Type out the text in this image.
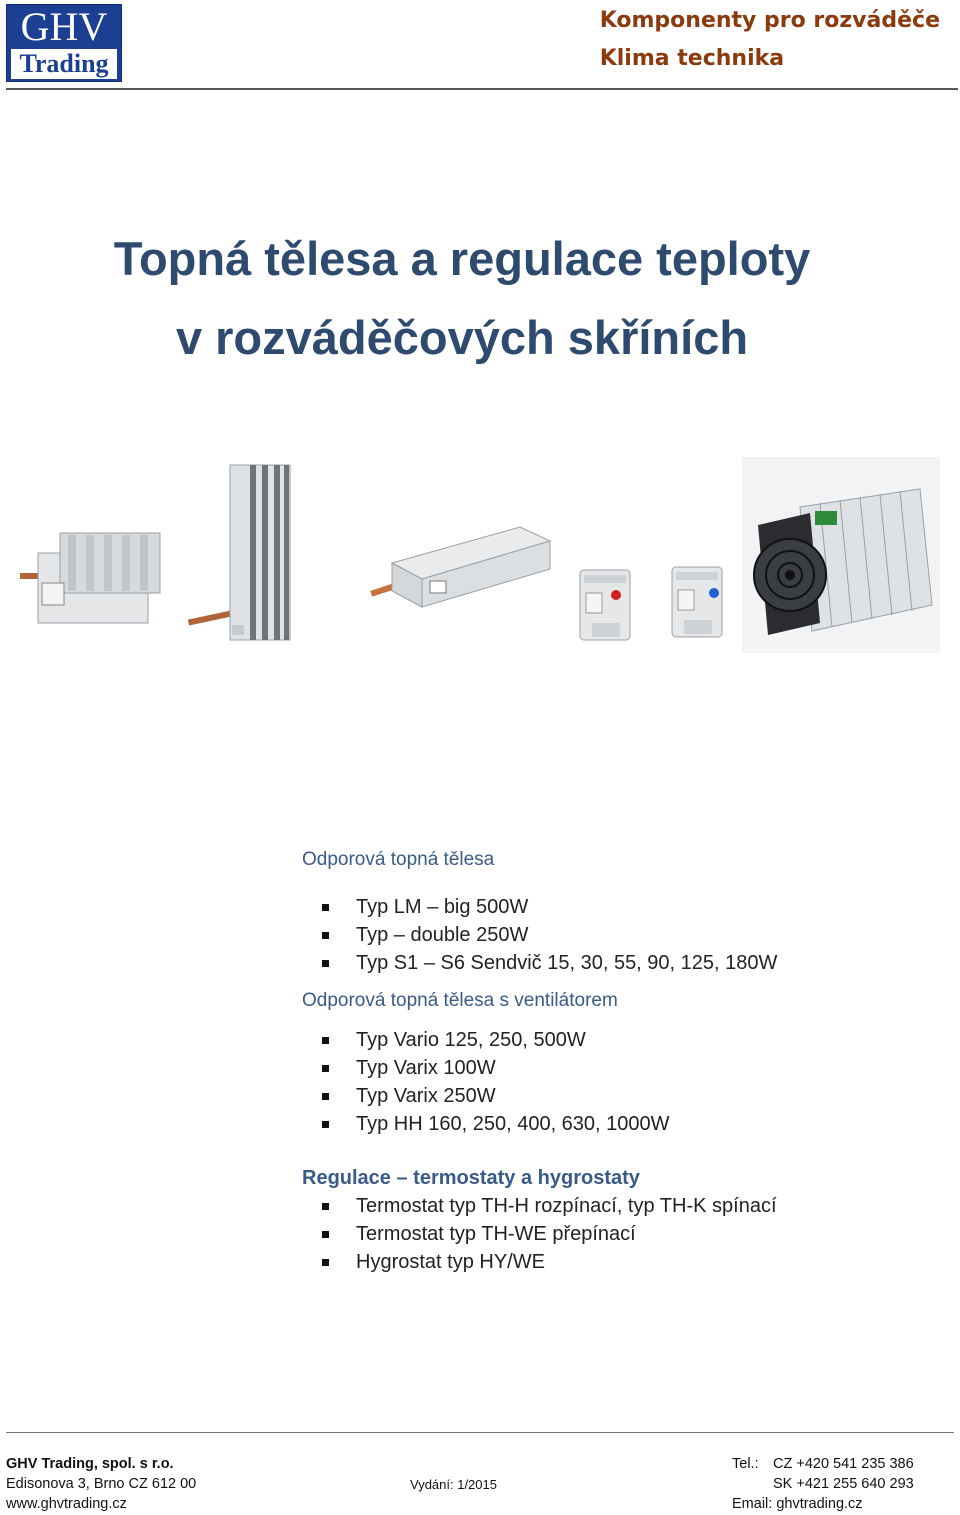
GHV
Trading
Komponenty pro rozváděče
Klima technika
Topná tělesa a regulace teploty
v rozváděčových skříních
Odporová topná tělesa
Typ LM – big 500W
Typ – double 250W
Typ S1 – S6 Sendvič 15, 30, 55, 90, 125, 180W
Odporová topná tělesa s ventilátorem
Typ Vario 125, 250, 500W
Typ Varix 100W
Typ Varix 250W
Typ HH 160, 250, 400, 630, 1000W
Regulace – termostaty a hygrostaty
Termostat typ TH-H rozpínací, typ TH-K spínací
Termostat typ TH-WE přepínací
Hygrostat typ HY/WE
GHV Trading, spol. s r.o.
Edisonova 3, Brno CZ 612 00
www.ghvtrading.cz
Vydání: 1/2015
Tel.: CZ +420 541 235 386
SK +421 255 640 293
Email: ghvtrading.cz
